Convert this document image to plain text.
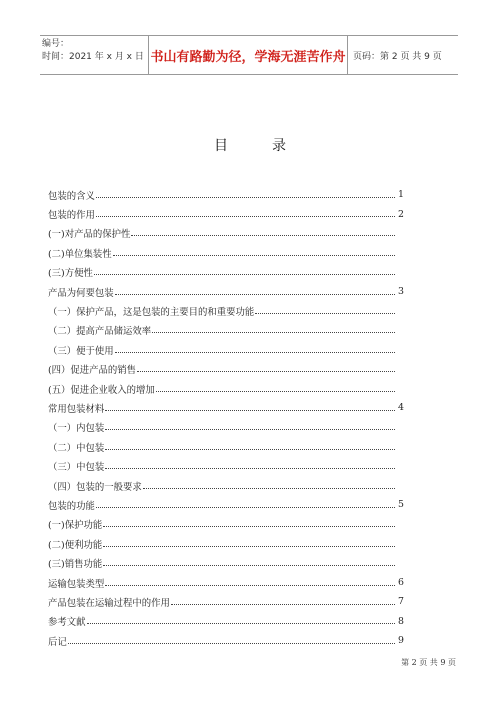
编号：
时间：2021 年 x 月 x 日 书山有路勤为径，学海无涯苦作舟 页码：第 2 页 共 9 页
目录
包装的含义	1
包装的作用	2
(一)对产品的保护性
(二)单位集装性
(三)方便性
产品为何要包装	3
（一）保护产品，这是包装的主要目的和重要功能
（二）提高产品储运效率
（三）便于使用
(四）促进产品的销售
(五）促进企业收入的增加
常用包装材料	4
（一）内包装
（二）中包装
（三）中包装
（四）包装的一般要求
包装的功能	5
(一)保护功能
(二)便利功能
(三)销售功能
运输包装类型	6
产品包装在运输过程中的作用	7
参考文献	8
后记	9
第 2 页 共 9 页
